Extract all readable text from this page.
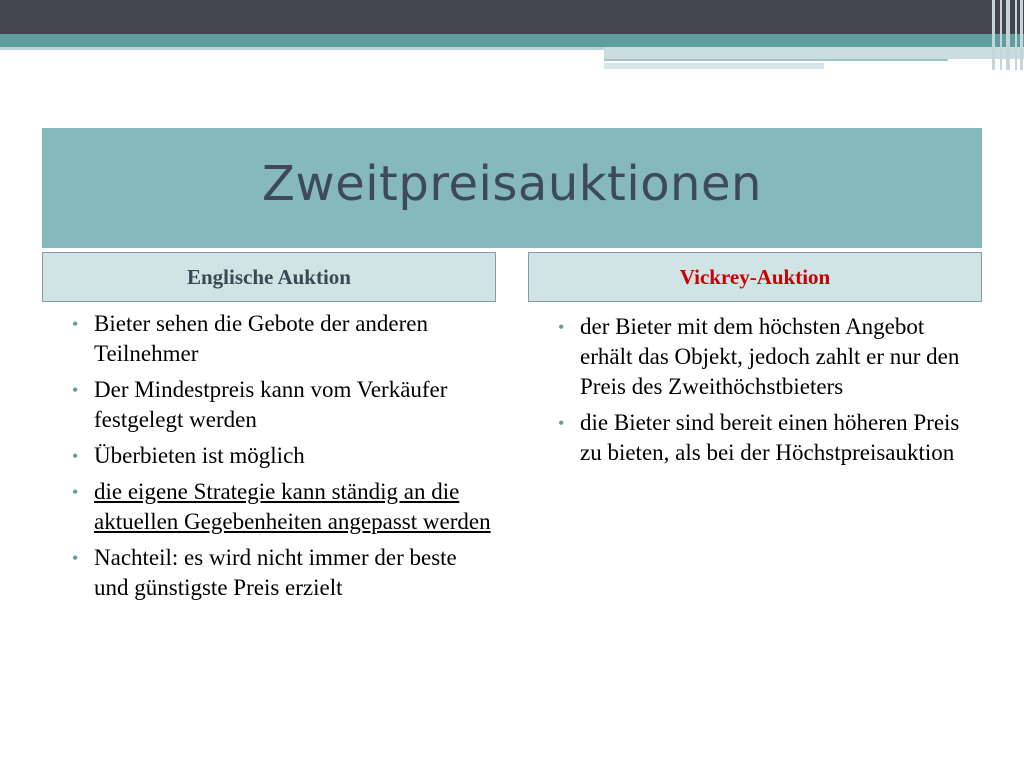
Zweitpreisauktionen
Englische Auktion	Vickrey-Auktion
• Bieter sehen die Gebote der anderen Teilnehmer
• Der Mindestpreis kann vom Verkäufer festgelegt werden
• Überbieten ist möglich
• die eigene Strategie kann ständig an die aktuellen Gegebenheiten angepasst werden
• Nachteil: es wird nicht immer der beste und günstigste Preis erzielt
• der Bieter mit dem höchsten Angebot erhält das Objekt, jedoch zahlt er nur den Preis des Zweithöchstbieters
• die Bieter sind bereit einen höheren Preis zu bieten, als bei der Höchstpreisauktion
